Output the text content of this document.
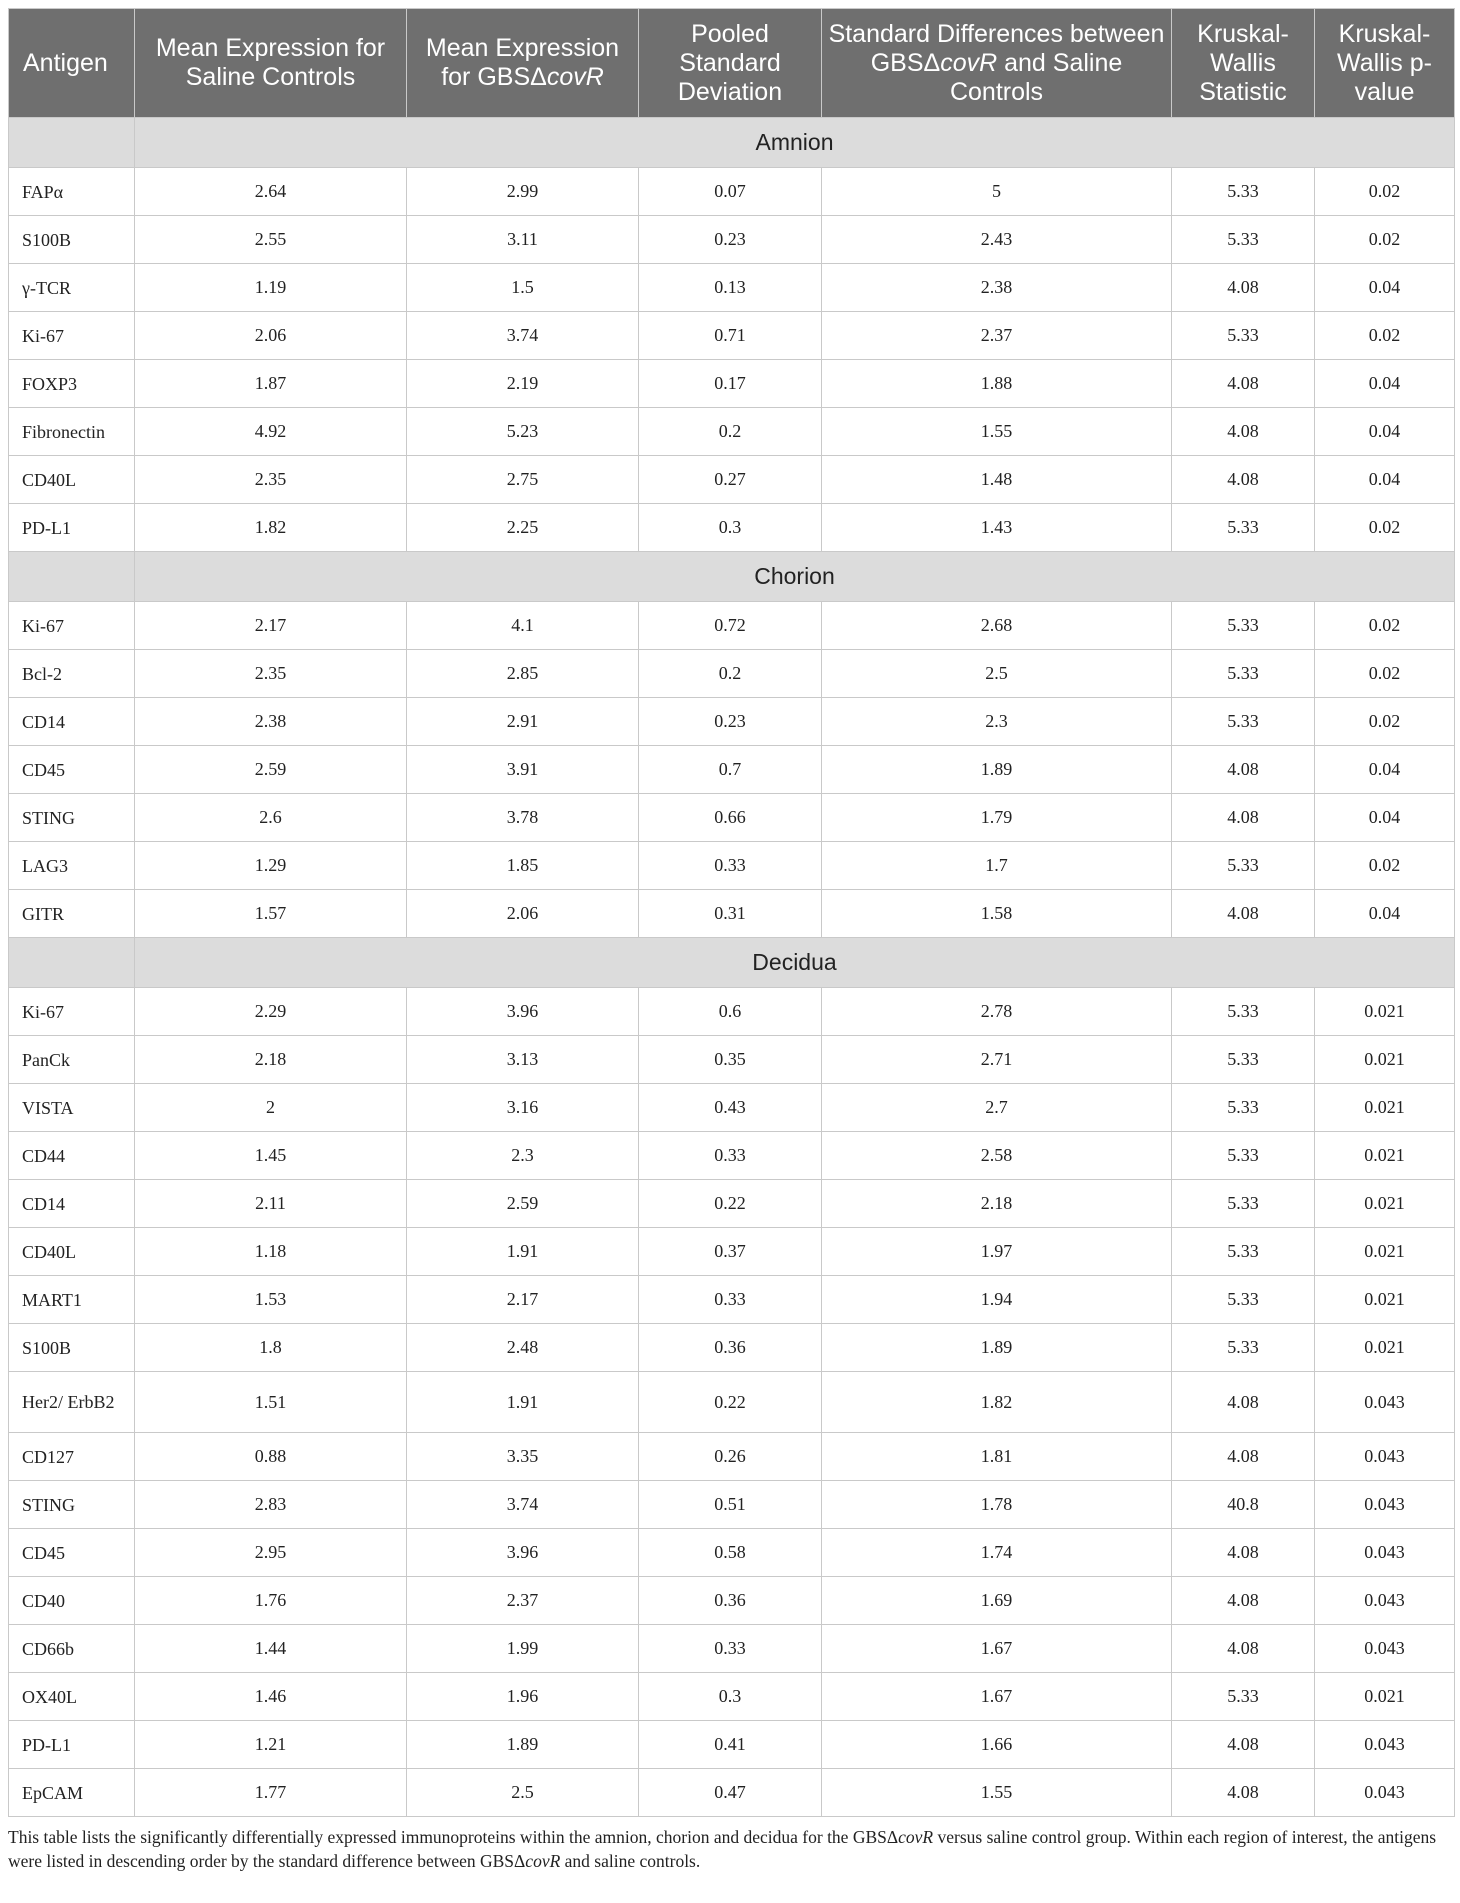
Antigen	Mean Expression for Saline Controls	Mean Expression for GBSΔcovR	Pooled Standard Deviation	Standard Differences between GBSΔcovR and Saline Controls	Kruskal-Wallis Statistic	Kruskal-Wallis p-value
	Amnion					
FAPα	2.64	2.99	0.07	5	5.33	0.02
S100B	2.55	3.11	0.23	2.43	5.33	0.02
γ-TCR	1.19	1.5	0.13	2.38	4.08	0.04
Ki-67	2.06	3.74	0.71	2.37	5.33	0.02
FOXP3	1.87	2.19	0.17	1.88	4.08	0.04
Fibronectin	4.92	5.23	0.2	1.55	4.08	0.04
CD40L	2.35	2.75	0.27	1.48	4.08	0.04
PD-L1	1.82	2.25	0.3	1.43	5.33	0.02
	Chorion					
Ki-67	2.17	4.1	0.72	2.68	5.33	0.02
Bcl-2	2.35	2.85	0.2	2.5	5.33	0.02
CD14	2.38	2.91	0.23	2.3	5.33	0.02
CD45	2.59	3.91	0.7	1.89	4.08	0.04
STING	2.6	3.78	0.66	1.79	4.08	0.04
LAG3	1.29	1.85	0.33	1.7	5.33	0.02
GITR	1.57	2.06	0.31	1.58	4.08	0.04
	Decidua					
Ki-67	2.29	3.96	0.6	2.78	5.33	0.021
PanCk	2.18	3.13	0.35	2.71	5.33	0.021
VISTA	2	3.16	0.43	2.7	5.33	0.021
CD44	1.45	2.3	0.33	2.58	5.33	0.021
CD14	2.11	2.59	0.22	2.18	5.33	0.021
CD40L	1.18	1.91	0.37	1.97	5.33	0.021
MART1	1.53	2.17	0.33	1.94	5.33	0.021
S100B	1.8	2.48	0.36	1.89	5.33	0.021
Her2/ ErbB2	1.51	1.91	0.22	1.82	4.08	0.043
CD127	0.88	3.35	0.26	1.81	4.08	0.043
STING	2.83	3.74	0.51	1.78	40.8	0.043
CD45	2.95	3.96	0.58	1.74	4.08	0.043
CD40	1.76	2.37	0.36	1.69	4.08	0.043
CD66b	1.44	1.99	0.33	1.67	4.08	0.043
OX40L	1.46	1.96	0.3	1.67	5.33	0.021
PD-L1	1.21	1.89	0.41	1.66	4.08	0.043
EpCAM	1.77	2.5	0.47	1.55	4.08	0.043
This table lists the significantly differentially expressed immunoproteins within the amnion, chorion and decidua for the GBSΔcovR versus saline control group. Within each region of interest, the antigens were listed in descending order by the standard difference between GBSΔcovR and saline controls.
